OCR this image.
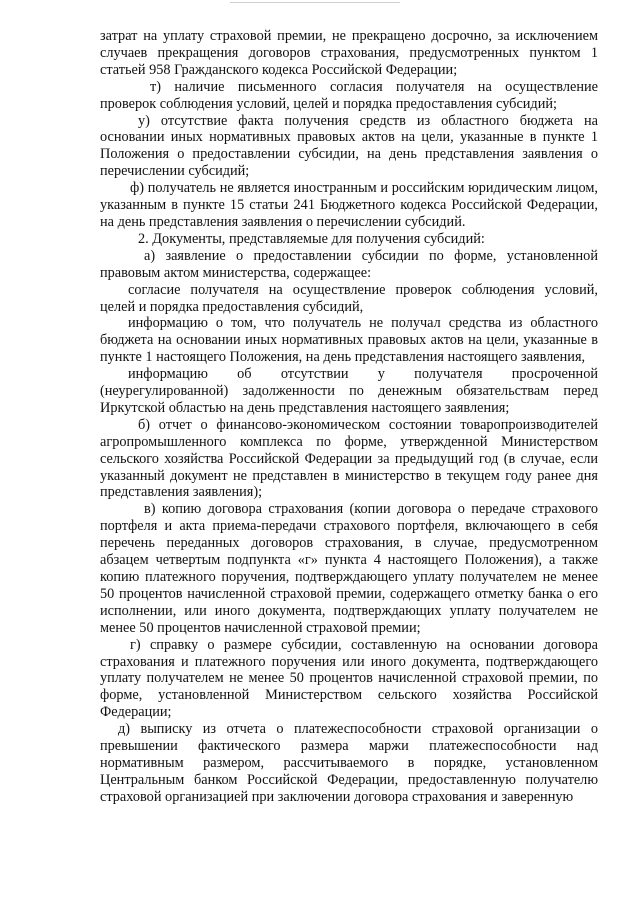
затрат на уплату страховой премии, не прекращено досрочно, за исключением случаев прекращения договоров страхования, предусмотренных пунктом 1 статьей 958 Гражданского кодекса Российской Федерации;

т) наличие письменного согласия получателя на осуществление проверок соблюдения условий, целей и порядка предоставления субсидий;

у) отсутствие факта получения средств из областного бюджета на основании иных нормативных правовых актов на цели, указанные в пункте 1 Положения о предоставлении субсидии, на день представления заявления о перечислении субсидий;

ф) получатель не является иностранным и российским юридическим лицом, указанным в пункте 15 статьи 241 Бюджетного кодекса Российской Федерации, на день представления заявления о перечислении субсидий.

2. Документы, представляемые для получения субсидий:

а) заявление о предоставлении субсидии по форме, установленной правовым актом министерства, содержащее:

согласие получателя на осуществление проверок соблюдения условий, целей и порядка предоставления субсидий,

информацию о том, что получатель не получал средства из областного бюджета на основании иных нормативных правовых актов на цели, указанные в пункте 1 настоящего Положения, на день представления настоящего заявления,

информацию об отсутствии у получателя просроченной (неурегулированной) задолженности по денежным обязательствам перед Иркутской областью на день представления настоящего заявления;

б) отчет о финансово-экономическом состоянии товаропроизводителей агропромышленного комплекса по форме, утвержденной Министерством сельского хозяйства Российской Федерации за предыдущий год (в случае, если указанный документ не представлен в министерство в текущем году ранее дня представления заявления);

в) копию договора страхования (копии договора о передаче страхового портфеля и акта приема-передачи страхового портфеля, включающего в себя перечень переданных договоров страхования, в случае, предусмотренном абзацем четвертым подпункта «г» пункта 4 настоящего Положения), а также копию платежного поручения, подтверждающего уплату получателем не менее 50 процентов начисленной страховой премии, содержащего отметку банка о его исполнении, или иного документа, подтверждающих уплату получателем не менее 50 процентов начисленной страховой премии;

г) справку о размере субсидии, составленную на основании договора страхования и платежного поручения или иного документа, подтверждающего уплату получателем не менее 50 процентов начисленной страховой премии, по форме, установленной Министерством сельского хозяйства Российской Федерации;

д) выписку из отчета о платежеспособности страховой организации о превышении фактического размера маржи платежеспособности над нормативным размером, рассчитываемого в порядке, установленном Центральным банком Российской Федерации, предоставленную получателю страховой организацией при заключении договора страхования и заверенную
